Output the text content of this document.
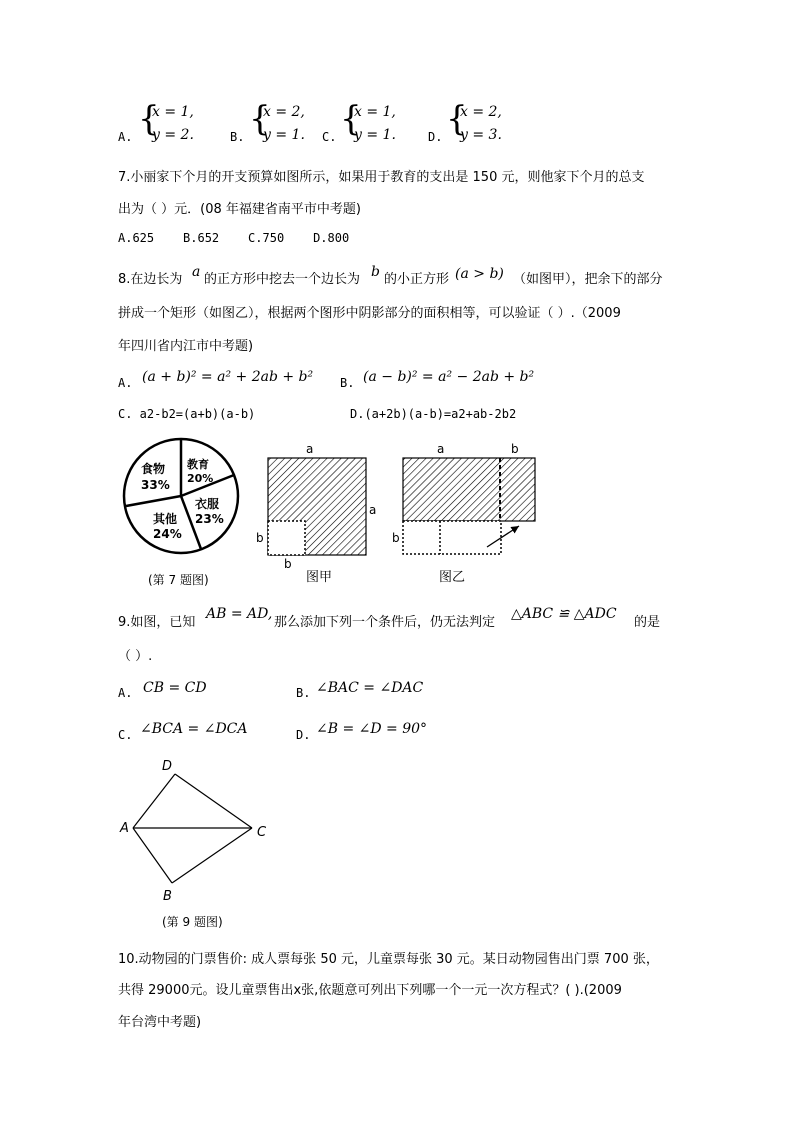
A. {
x = 1,
y = 2.	B. {
x = 2,
y = 1. C. {
x = 1,
y = 1.	D. {
x = 2,
y = 3.
7.小丽家下个月的开支预算如图所示，如果用于教育的支出是 150 元，则他家下个月的总支
出为（ ）元．(08 年福建省南平市中考题)
A.625    B.652    C.750    D.800
8.在边长为 a 的正方形中挖去一个边长为 b 的小正方形 (a > b) （如图甲），把余下的部分
拼成一个矩形（如图乙），根据两个图形中阴影部分的面积相等，可以验证（ ）.（2009
年四川省内江市中考题)
A. (a + b)² = a² + 2ab + b² B. (a − b)² = a² − 2ab + b²
C. a2-b2=(a+b)(a-b)	D.(a+2b)(a-b)=a2+ab-2b2
食物
33%
教育
20%
衣服
23%
其他
24%
(第 7 题图)
a
a
b
b
图甲
a	b
b
图乙
D
A	C
B
(第 9 题图)
9.如图，已知
AB = AD,
那么添加下列一个条件后，仍无法判定
△ABC ≌ △ADC
的是
（ ）.
A. CB = CD	B. ∠BAC = ∠DAC
C. ∠BCA = ∠DCA	D. ∠B = ∠D = 90°
10.动物园的门票售价: 成人票每张 50 元，儿童票每张 30 元。某日动物园售出门票 700 张，
共得 29000元。设儿童票售出x张,依题意可列出下列哪一个一元一次方程式？( ).(2009
年台湾中考题)
